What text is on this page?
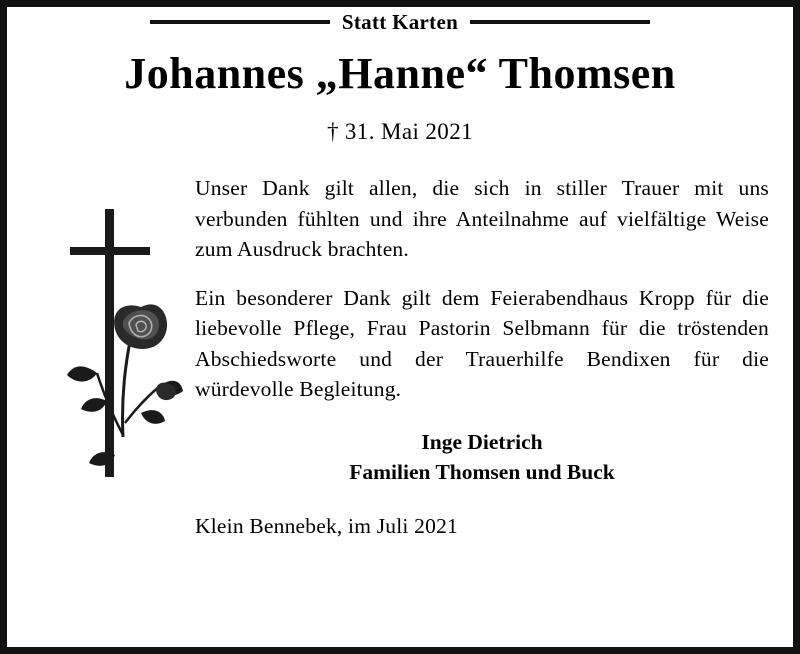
Statt Karten
Johannes „Hanne“ Thomsen
† 31. Mai 2021

Unser Dank gilt allen, die sich in stiller Trauer mit uns verbunden fühlten und ihre Anteilnahme auf vielfältige Weise zum Ausdruck brachten.

Ein besonderer Dank gilt dem Feierabendhaus Kropp für die liebevolle Pflege, Frau Pastorin Selbmann für die tröstenden Abschiedsworte und der Trauerhilfe Bendixen für die würdevolle Begleitung.

Inge Dietrich
Familien Thomsen und Buck
Klein Bennebek, im Juli 2021
